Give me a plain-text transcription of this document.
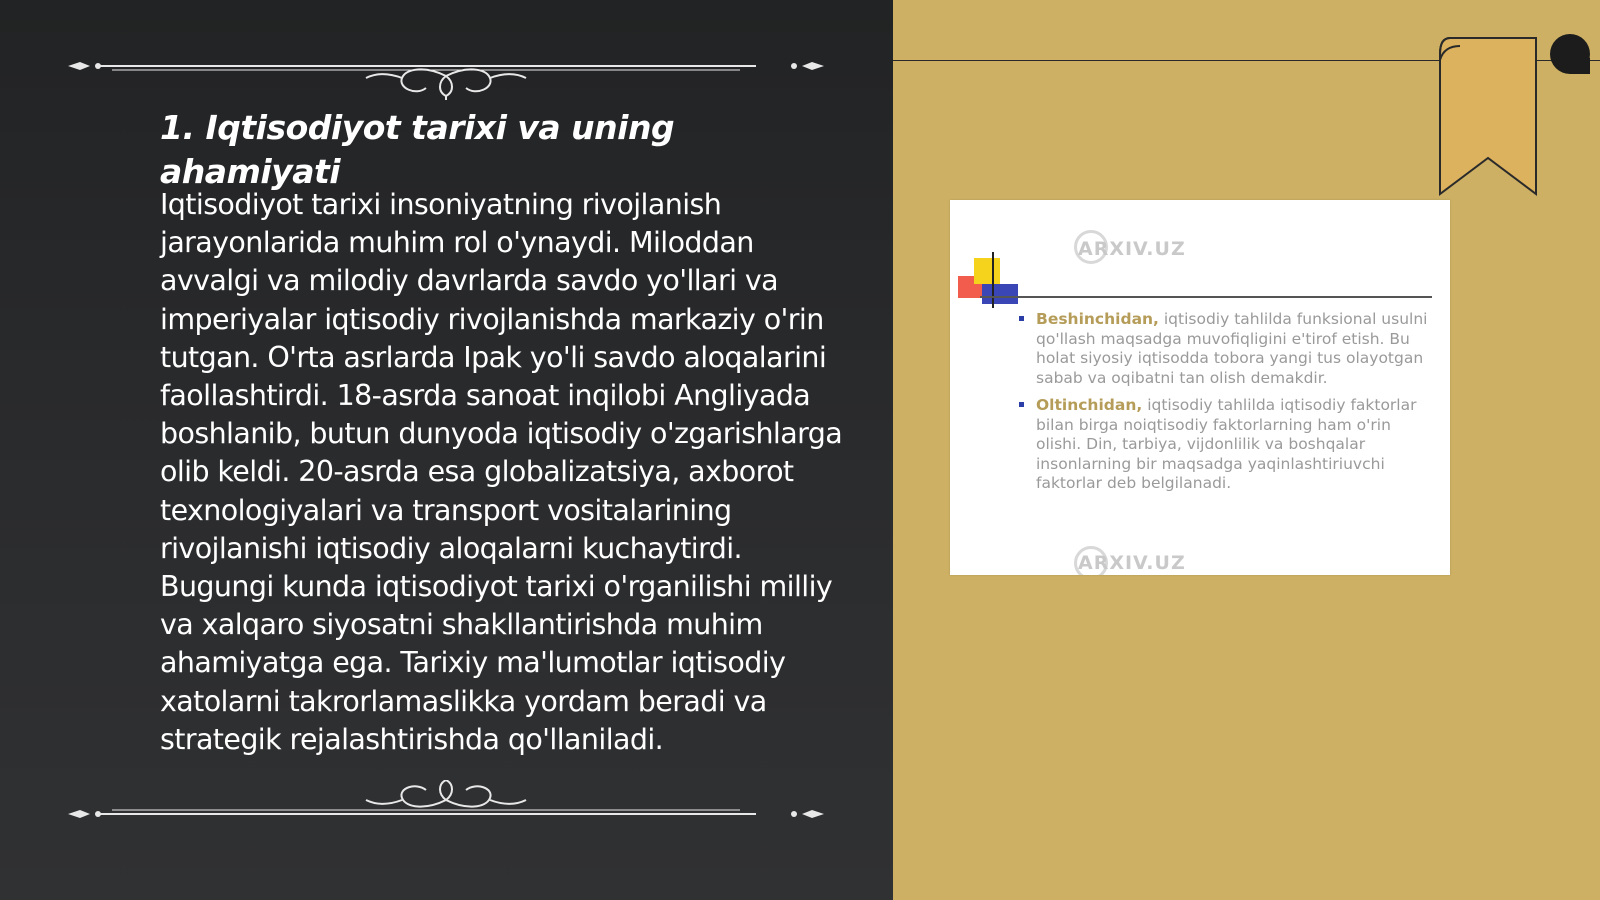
1. Iqtisodiyot tarixi va uning ahamiyati

Iqtisodiyot tarixi insoniyatning rivojlanish jarayonlarida muhim rol o'ynaydi. Miloddan avvalgi va milodiy davrlarda savdo yo'llari va imperiyalar iqtisodiy rivojlanishda markaziy o'rin tutgan. O'rta asrlarda Ipak yo'li savdo aloqalarini faollashtirdi. 18-asrda sanoat inqilobi Angliyada boshlanib, butun dunyoda iqtisodiy o'zgarishlarga olib keldi. 20-asrda esa globalizatsiya, axborot texnologiyalari va transport vositalarining rivojlanishi iqtisodiy aloqalarni kuchaytirdi. Bugungi kunda iqtisodiyot tarixi o'rganilishi milliy va xalqaro siyosatni shakllantirishda muhim ahamiyatga ega. Tarixiy ma'lumotlar iqtisodiy xatolarni takrorlamaslikka yordam beradi va strategik rejalashtirishda qo'llaniladi.

ARXIV.UZ
Beshinchidan, iqtisodiy tahlilda funksional usulni qo'llash maqsadga muvofiqligini e'tirof etish. Bu holat siyosiy iqtisodda tobora yangi tus olayotgan sabab va oqibatni tan olish demakdir.
Oltinchidan, iqtisodiy tahlilda iqtisodiy faktorlar bilan birga noiqtisodiy faktorlarning ham o'rin olishi. Din, tarbiya, vijdonlilik va boshqalar insonlarning bir maqsadga yaqinlashtiriuvchi faktorlar deb belgilanadi.
ARXIV.UZ
